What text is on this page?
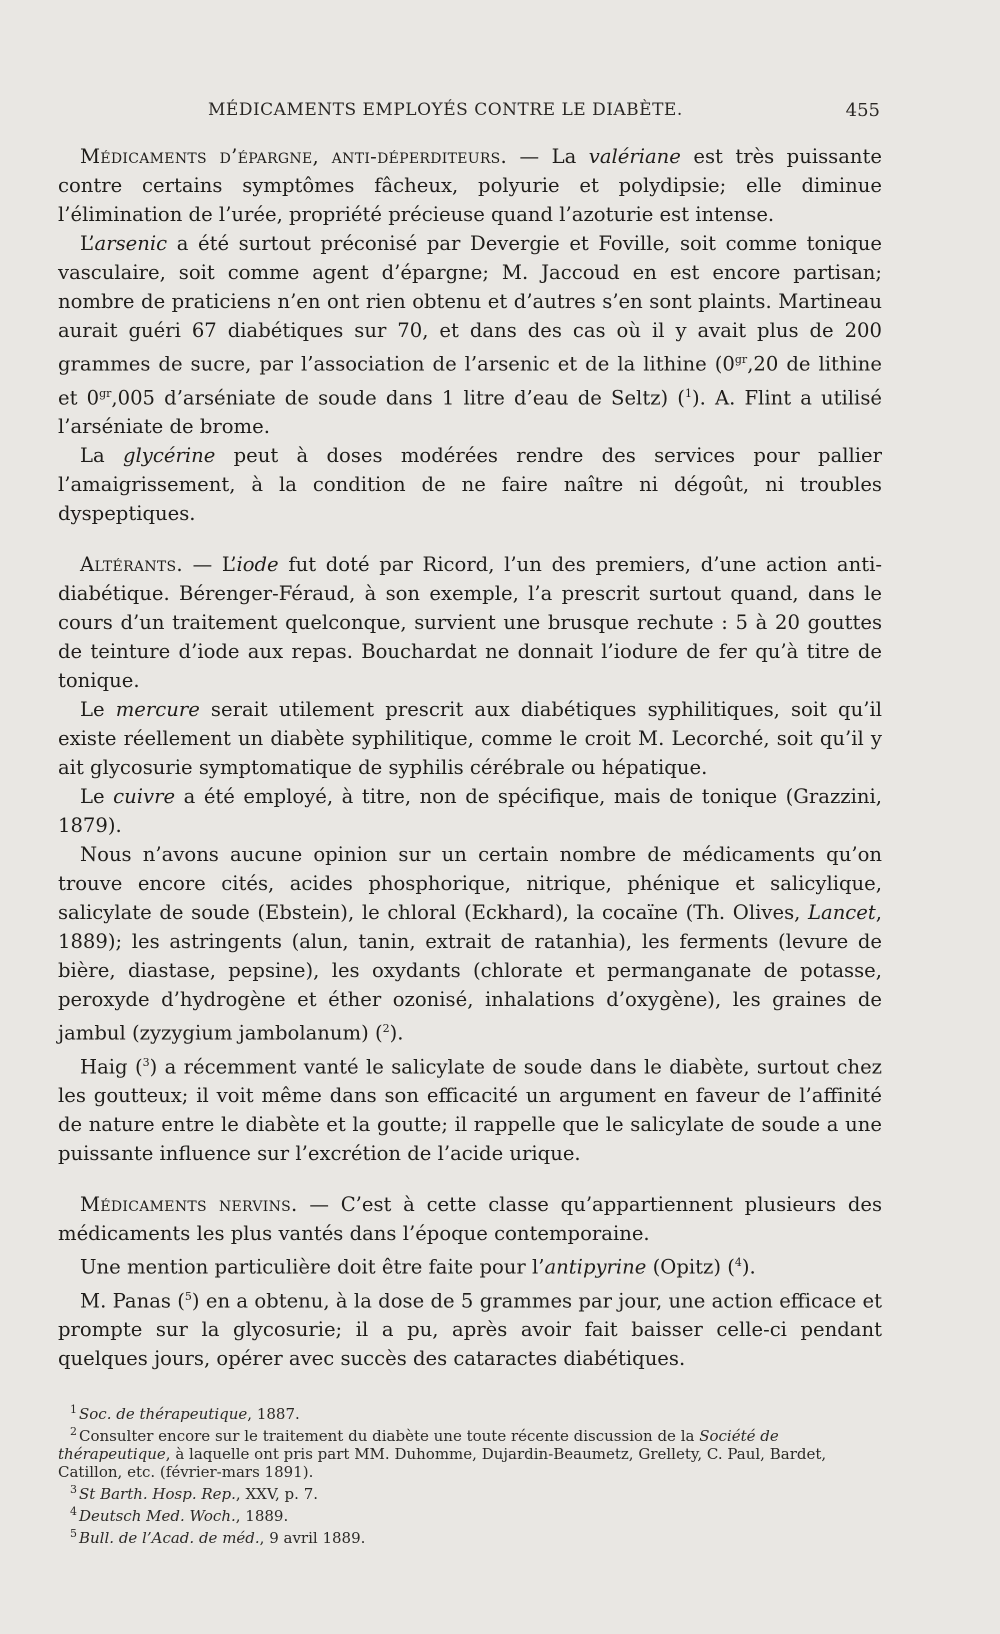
MÉDICAMENTS EMPLOYÉS CONTRE LE DIABÈTE.	455

Médicaments d’épargne, anti-déperditeurs. — La valériane est très puissante contre certains symptômes fâcheux, polyurie et polydipsie; elle diminue l’élimination de l’urée, propriété précieuse quand l’azoturie est intense.

L’arsenic a été surtout préconisé par Devergie et Foville, soit comme tonique vasculaire, soit comme agent d’épargne; M. Jaccoud en est encore partisan; nombre de praticiens n’en ont rien obtenu et d’autres s’en sont plaints. Martineau aurait guéri 67 diabétiques sur 70, et dans des cas où il y avait plus de 200 grammes de sucre, par l’association de l’arsenic et de la lithine ($0^{gr},20$ de lithine et $0^{gr},005$ d’arséniate de soude dans 1 litre d’eau de Seltz) ($^1$). A. Flint a utilisé l’arséniate de brome.

La glycérine peut à doses modérées rendre des services pour pallier l’amaigrissement, à la condition de ne faire naître ni dégoût, ni troubles dyspeptiques.

Altérants. — L’iode fut doté par Ricord, l’un des premiers, d’une action anti-diabétique. Bérenger-Féraud, à son exemple, l’a prescrit surtout quand, dans le cours d’un traitement quelconque, survient une brusque rechute : 5 à 20 gouttes de teinture d’iode aux repas. Bouchardat ne donnait l’iodure de fer qu’à titre de tonique.

Le mercure serait utilement prescrit aux diabétiques syphilitiques, soit qu’il existe réellement un diabète syphilitique, comme le croit M. Lecorché, soit qu’il y ait glycosurie symptomatique de syphilis cérébrale ou hépatique.

Le cuivre a été employé, à titre, non de spécifique, mais de tonique (Grazzini, 1879).

Nous n’avons aucune opinion sur un certain nombre de médicaments qu’on trouve encore cités, acides phosphorique, nitrique, phénique et salicylique, salicylate de soude (Ebstein), le chloral (Eckhard), la cocaïne (Th. Olives, Lancet, 1889); les astringents (alun, tanin, extrait de ratanhia), les ferments (levure de bière, diastase, pepsine), les oxydants (chlorate et permanganate de potasse, peroxyde d’hydrogène et éther ozonisé, inhalations d’oxygène), les graines de jambul (zyzygium jambolanum) ($^2$).

Haig ($^3$) a récemment vanté le salicylate de soude dans le diabète, surtout chez les goutteux; il voit même dans son efficacité un argument en faveur de l’affinité de nature entre le diabète et la goutte; il rappelle que le salicylate de soude a une puissante influence sur l’excrétion de l’acide urique.

Médicaments nervins. — C’est à cette classe qu’appartiennent plusieurs des médicaments les plus vantés dans l’époque contemporaine.

Une mention particulière doit être faite pour l’antipyrine (Opitz) ($^4$).

M. Panas ($^5$) en a obtenu, à la dose de 5 grammes par jour, une action efficace et prompte sur la glycosurie; il a pu, après avoir fait baisser celle-ci pendant quelques jours, opérer avec succès des cataractes diabétiques.

$^1$ Soc. de thérapeutique, 1887.

$^2$ Consulter encore sur le traitement du diabète une toute récente discussion de la Société de thérapeutique, à laquelle ont pris part MM. Duhomme, Dujardin-Beaumetz, Grellety, C. Paul, Bardet, Catillon, etc. (février-mars 1891).

$^3$ St Barth. Hosp. Rep., XXV, p. 7.

$^4$ Deutsch Med. Woch., 1889.

$^5$ Bull. de l’Acad. de méd., 9 avril 1889.
